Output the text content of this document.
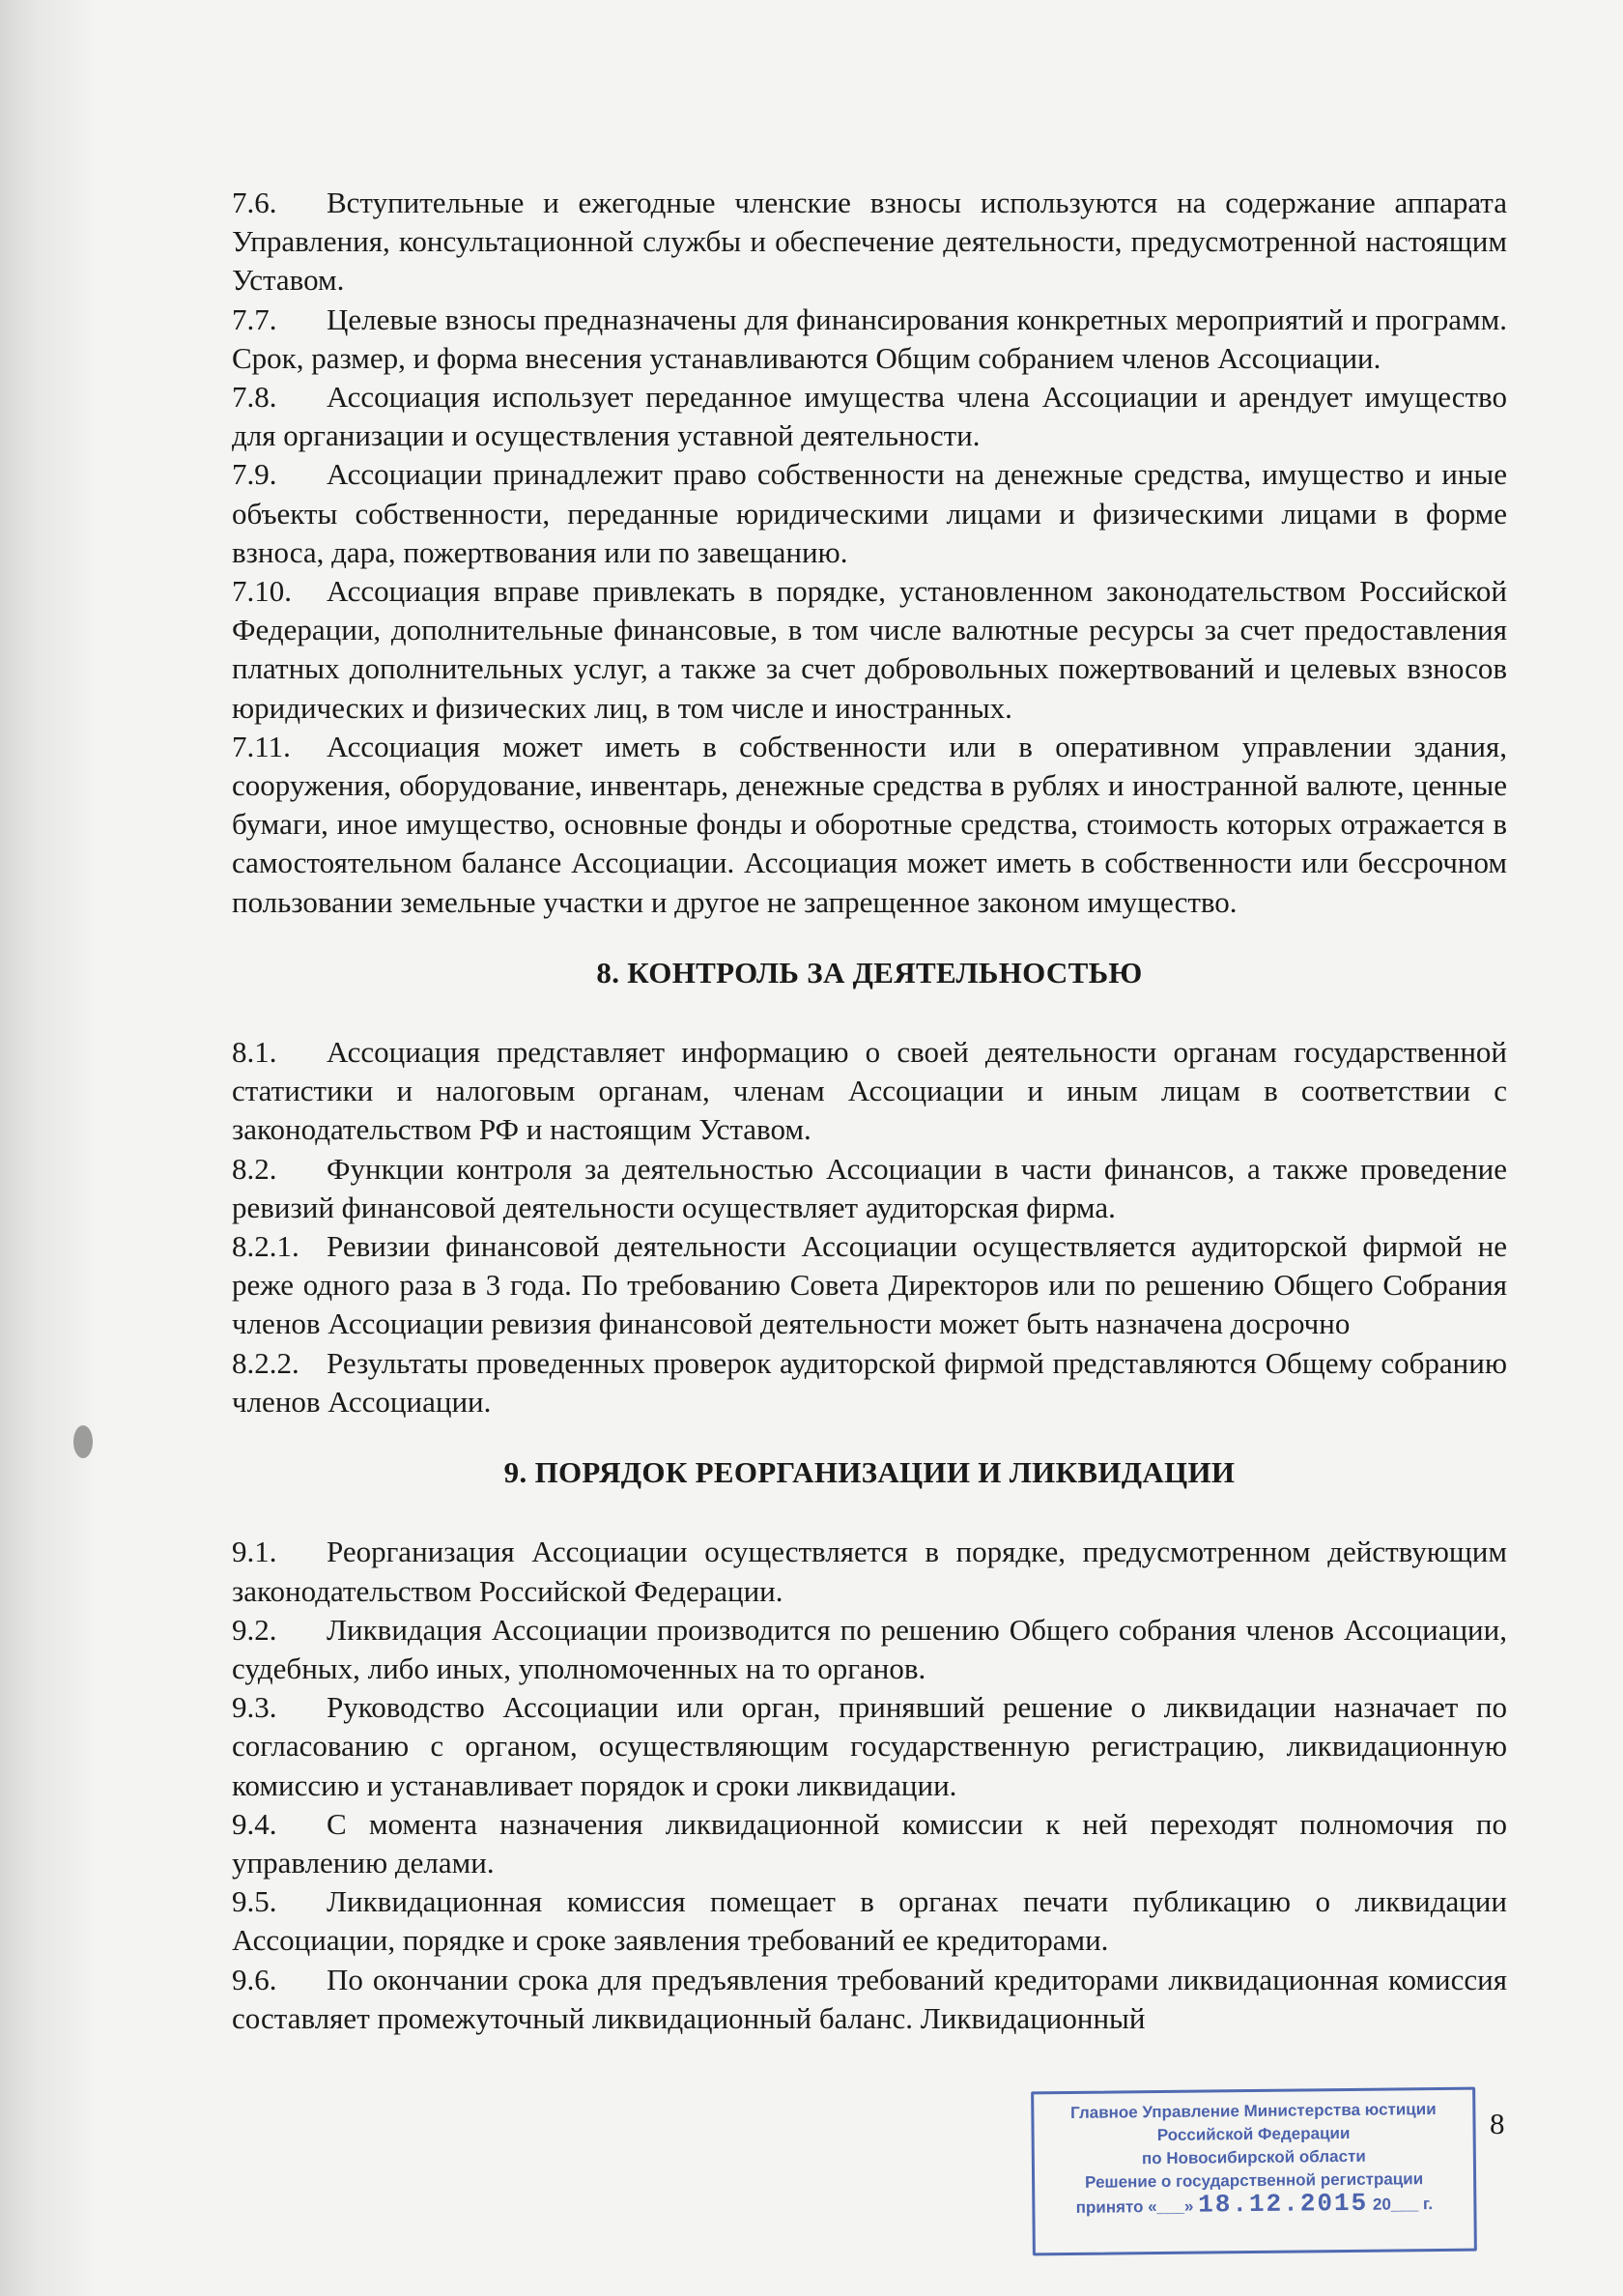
7.6. Вступительные и ежегодные членские взносы используются на содержание аппарата Управления, консультационной службы и обеспечение деятельности, предусмотренной настоящим Уставом.

7.7. Целевые взносы предназначены для финансирования конкретных мероприятий и программ. Срок, размер, и форма внесения устанавливаются Общим собранием членов Ассоциации.

7.8. Ассоциация использует переданное имущества члена Ассоциации и арендует имущество для организации и осуществления уставной деятельности.

7.9. Ассоциации принадлежит право собственности на денежные средства, имущество и иные объекты собственности, переданные юридическими лицами и физическими лицами в форме взноса, дара, пожертвования или по завещанию.

7.10. Ассоциация вправе привлекать в порядке, установленном законодательством Российской Федерации, дополнительные финансовые, в том числе валютные ресурсы за счет предоставления платных дополнительных услуг, а также за счет добровольных пожертвований и целевых взносов юридических и физических лиц, в том числе и иностранных.

7.11. Ассоциация может иметь в собственности или в оперативном управлении здания, сооружения, оборудование, инвентарь, денежные средства в рублях и иностранной валюте, ценные бумаги, иное имущество, основные фонды и оборотные средства, стоимость которых отражается в самостоятельном балансе Ассоциации. Ассоциация может иметь в собственности или бессрочном пользовании земельные участки и другое не запрещенное законом имущество.

8. КОНТРОЛЬ ЗА ДЕЯТЕЛЬНОСТЬЮ

8.1. Ассоциация представляет информацию о своей деятельности органам государственной статистики и налоговым органам, членам Ассоциации и иным лицам в соответствии с законодательством РФ и настоящим Уставом.

8.2. Функции контроля за деятельностью Ассоциации в части финансов, а также проведение ревизий финансовой деятельности осуществляет аудиторская фирма.

8.2.1. Ревизии финансовой деятельности Ассоциации осуществляется аудиторской фирмой не реже одного раза в 3 года. По требованию Совета Директоров или по решению Общего Собрания членов Ассоциации ревизия финансовой деятельности может быть назначена досрочно

8.2.2. Результаты проведенных проверок аудиторской фирмой представляются Общему собранию членов Ассоциации.

9. ПОРЯДОК РЕОРГАНИЗАЦИИ И ЛИКВИДАЦИИ

9.1. Реорганизация Ассоциации осуществляется в порядке, предусмотренном действующим законодательством Российской Федерации.

9.2. Ликвидация Ассоциации производится по решению Общего собрания членов Ассоциации, судебных, либо иных, уполномоченных на то органов.

9.3. Руководство Ассоциации или орган, принявший решение о ликвидации назначает по согласованию с органом, осуществляющим государственную регистрацию, ликвидационную комиссию и устанавливает порядок и сроки ликвидации.

9.4. С момента назначения ликвидационной комиссии к ней переходят полномочия по управлению делами.

9.5. Ликвидационная комиссия помещает в органах печати публикацию о ликвидации Ассоциации, порядке и сроке заявления требований ее кредиторами.

9.6. По окончании срока для предъявления требований кредиторами ликвидационная комиссия составляет промежуточный ликвидационный баланс. Ликвидационный

8
Главное Управление Министерства юстиции
Российской Федерации
по Новосибирской области
Решение о государственной регистрации
принято «___» 18.12.2015 20___ г.
